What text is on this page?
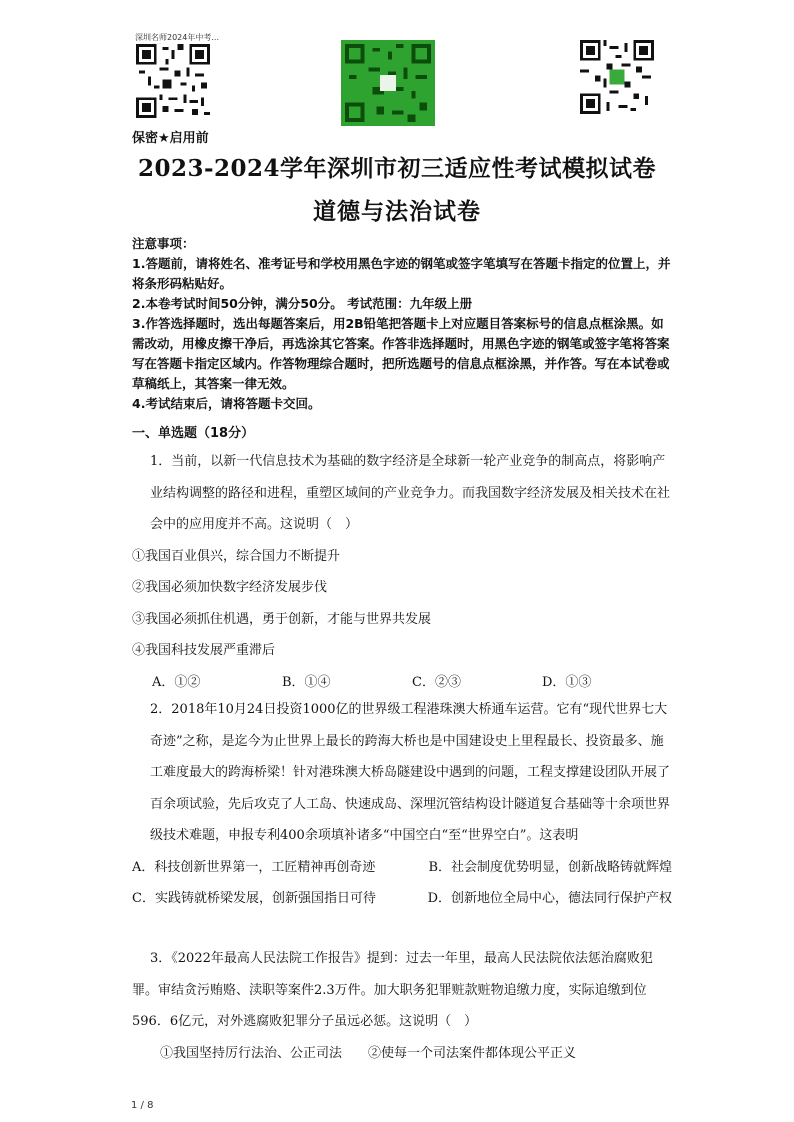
深圳名师2024年中考...
保密★启用前
2023-2024学年深圳市初三适应性考试模拟试卷
道德与法治试卷

注意事项：

1.答题前，请将姓名、准考证号和学校用黑色字迹的钢笔或签字笔填写在答题卡指定的位置上，并将条形码粘贴好。

2.本卷考试时间50分钟，满分50分。 考试范围：九年级上册

3.作答选择题时，选出每题答案后，用2B铅笔把答题卡上对应题目答案标号的信息点框涂黑。如需改动，用橡皮擦干净后，再选涂其它答案。作答非选择题时，用黑色字迹的钢笔或签字笔将答案写在答题卡指定区域内。作答物理综合题时，把所选题号的信息点框涂黑，并作答。写在本试卷或草稿纸上，其答案一律无效。

4.考试结束后，请将答题卡交回。

一、单选题（18分）

1．当前，以新一代信息技术为基础的数字经济是全球新一轮产业竞争的制高点，将影响产业结构调整的路径和进程，重塑区域间的产业竞争力。而我国数字经济发展及相关技术在社会中的应用度并不高。这说明（　）

①我国百业俱兴，综合国力不断提升

②我国必须加快数字经济发展步伐

③我国必须抓住机遇，勇于创新，才能与世界共发展

④我国科技发展严重滞后

A．①②	B．①④	C．②③	D．①③

2．2018年10月24日投资1000亿的世界级工程港珠澳大桥通车运营。它有“现代世界七大奇迹”之称，是迄今为止世界上最长的跨海大桥也是中国建设史上里程最长、投资最多、施工难度最大的跨海桥梁！针对港珠澳大桥岛隧建设中遇到的问题，工程支撑建设团队开展了百余项试验，先后攻克了人工岛、快速成岛、深埋沉管结构设计隧道复合基础等十余项世界级技术难题，申报专利400余项填补诸多“中国空白“至“世界空白”。这表明

A．科技创新世界第一，工匠精神再创奇迹	B．社会制度优势明显，创新战略铸就辉煌
C．实践铸就桥梁发展，创新强国指日可待	D．创新地位全局中心，德法同行保护产权

3．《2022年最高人民法院工作报告》提到：过去一年里，最高人民法院依法惩治腐败犯罪。审结贪污贿赂、渎职等案件2.3万件。加大职务犯罪赃款赃物追缴力度，实际追缴到位596．6亿元，对外逃腐败犯罪分子虽远必惩。这说明（　）

①我国坚持厉行法治、公正司法　　②使每一个司法案件都体现公平正义

1 / 8
